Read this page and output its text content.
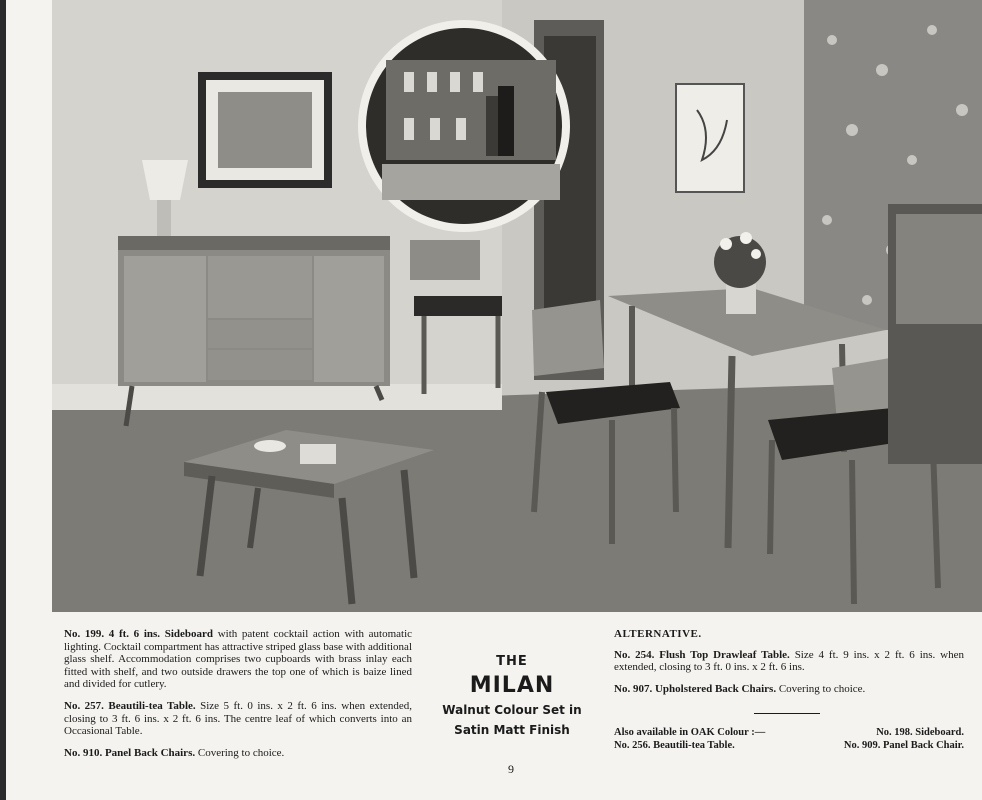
No. 199. 4 ft. 6 ins. Sideboard with patent cocktail action with automatic lighting. Cocktail compartment has attractive striped glass base with additional glass shelf. Accommodation comprises two cupboards with brass inlay each fitted with shelf, and two outside drawers the top one of which is baize lined and divided for cutlery.

No. 257. Beautili-tea Table. Size 5 ft. 0 ins. x 2 ft. 6 ins. when extended, closing to 3 ft. 6 ins. x 2 ft. 6 ins. The centre leaf of which converts into an Occasional Table.

No. 910. Panel Back Chairs. Covering to choice.

THE
MILAN
Walnut Colour Set in
Satin Matt Finish

ALTERNATIVE.

No. 254. Flush Top Drawleaf Table. Size 4 ft. 9 ins. x 2 ft. 6 ins. when extended, closing to 3 ft. 0 ins. x 2 ft. 6 ins.

No. 907. Upholstered Back Chairs. Covering to choice.

Also available in OAK Colour :—	No. 198. Sideboard.
No. 256. Beautili-tea Table.	No. 909. Panel Back Chair.
9
